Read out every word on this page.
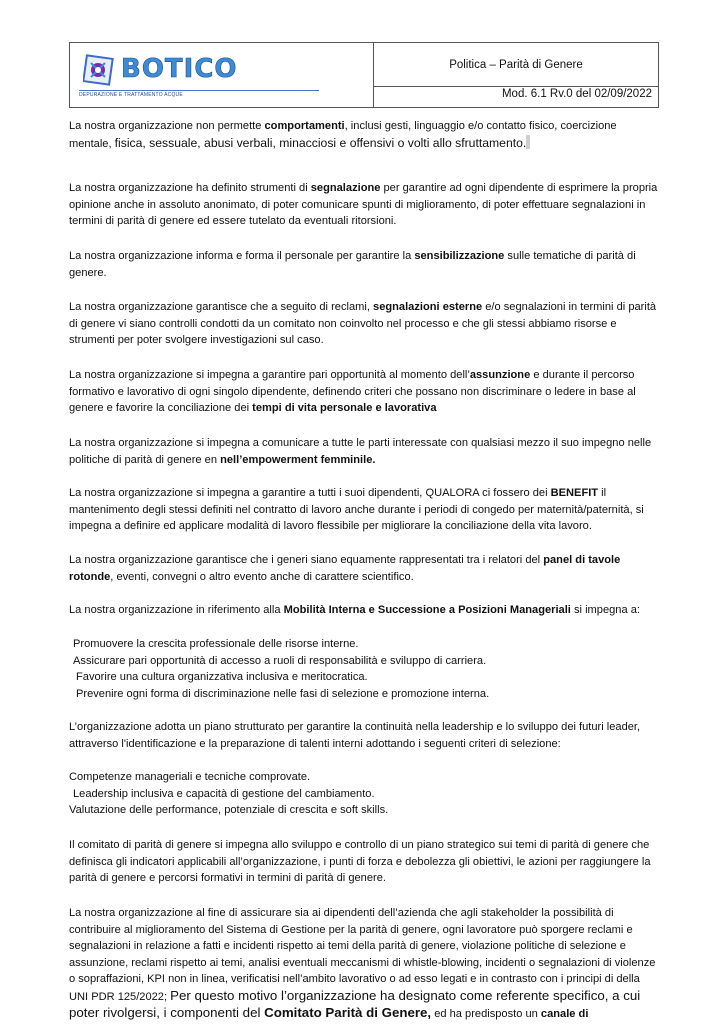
BOTICO
DEPURAZIONE E TRATTAMENTO ACQUE
Politica – Parità di Genere
Mod. 6.1 Rv.0 del 02/09/2022

La nostra organizzazione non permette comportamenti, inclusi gesti, linguaggio e/o contatto fisico, coercizione

mentale, fisica, sessuale, abusi verbali, minacciosi e offensivi o volti allo sfruttamento.

La nostra organizzazione ha definito strumenti di segnalazione per garantire ad ogni dipendente di esprimere la propria opinione anche in assoluto anonimato, di poter comunicare spunti di miglioramento, di poter effettuare segnalazioni in termini di parità di genere ed essere tutelato da eventuali ritorsioni.

La nostra organizzazione informa e forma il personale per garantire la sensibilizzazione sulle tematiche di parità di genere.

La nostra organizzazione garantisce che a seguito di reclami, segnalazioni esterne e/o segnalazioni in termini di parità di genere vi siano controlli condotti da un comitato non coinvolto nel processo e che gli stessi abbiamo risorse e strumenti per poter svolgere investigazioni sul caso.

La nostra organizzazione si impegna a garantire pari opportunità al momento dell’assunzione e durante il percorso formativo e lavorativo di ogni singolo dipendente, definendo criteri che possano non discriminare o ledere in base al genere e favorire la conciliazione dei tempi di vita personale e lavorativa

La nostra organizzazione si impegna a comunicare a tutte le parti interessate con qualsiasi mezzo il suo impegno nelle politiche di parità di genere en nell’empowerment femminile.

La nostra organizzazione si impegna a garantire a tutti i suoi dipendenti, QUALORA ci fossero dei BENEFIT il mantenimento degli stessi definiti nel contratto di lavoro anche durante i periodi di congedo per maternità/paternità, si impegna a definire ed applicare modalità di lavoro flessibile per migliorare la conciliazione della vita lavoro.

La nostra organizzazione garantisce che i generi siano equamente rappresentati tra i relatori del panel di tavole rotonde, eventi, convegni o altro evento anche di carattere scientifico.

La nostra organizzazione in riferimento alla Mobilità Interna e Successione a Posizioni Manageriali si impegna a:

Promuovere la crescita professionale delle risorse interne.

Assicurare pari opportunità di accesso a ruoli di responsabilità e sviluppo di carriera.

Favorire una cultura organizzativa inclusiva e meritocratica.

Prevenire ogni forma di discriminazione nelle fasi di selezione e promozione interna.

L’organizzazione adotta un piano strutturato per garantire la continuità nella leadership e lo sviluppo dei futuri leader, attraverso l'identificazione e la preparazione di talenti interni adottando i seguenti criteri di selezione:

Competenze manageriali e tecniche comprovate.

Leadership inclusiva e capacità di gestione del cambiamento.

Valutazione delle performance, potenziale di crescita e soft skills.

Il comitato di parità di genere si impegna allo sviluppo e controllo di un piano strategico sui temi di parità di genere che definisca gli indicatori applicabili all’organizzazione, i punti di forza e debolezza gli obiettivi, le azioni per raggiungere la parità di genere e percorsi formativi in termini di parità di genere.

La nostra organizzazione al fine di assicurare sia ai dipendenti dell’azienda che agli stakeholder la possibilità di contribuire al miglioramento del Sistema di Gestione per la parità di genere, ogni lavoratore può sporgere reclami e segnalazioni in relazione a fatti e incidenti rispetto ai temi della parità di genere, violazione politiche di selezione e assunzione, reclami rispetto ai temi, analisi eventuali meccanismi di whistle-blowing, incidenti o segnalazioni di violenze o sopraffazioni, KPI non in linea, verificatisi nell’ambito lavorativo o ad esso legati e in contrasto con i principi di della UNI PDR 125/2022; Per questo motivo l’organizzazione ha designato come referente specifico, a cui poter rivolgersi, i componenti del Comitato Parità di Genere, ed ha predisposto un canale di
